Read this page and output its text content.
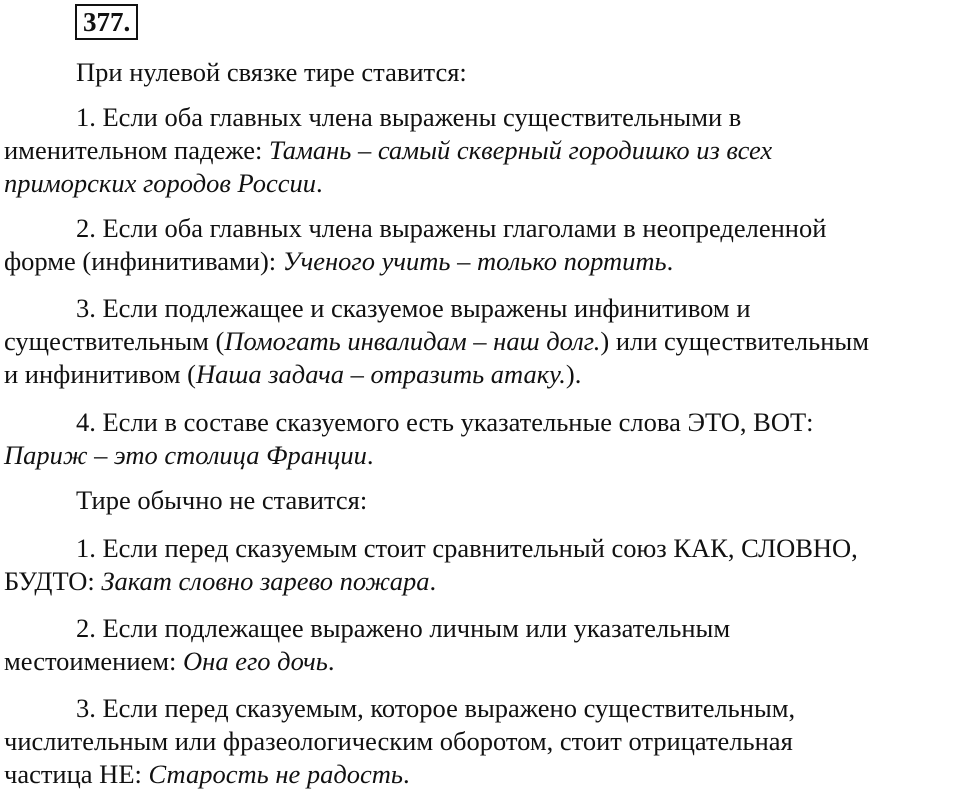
377.

При нулевой связке тире ставится:

1. Если оба главных члена выражены существительными в
именительном падеже: Тамань – самый скверный городишко из всех
приморских городов России.

2. Если оба главных члена выражены глаголами в неопределенной
форме (инфинитивами): Ученого учить – только портить.

3. Если подлежащее и сказуемое выражены инфинитивом и
существительным (Помогать инвалидам – наш долг.) или существительным
и инфинитивом (Наша задача – отразить атаку.).

4. Если в составе сказуемого есть указательные слова ЭТО, ВОТ:
Париж – это столица Франции.

Тире обычно не ставится:

1. Если перед сказуемым стоит сравнительный союз КАК, СЛОВНО,
БУДТО: Закат словно зарево пожара.

2. Если подлежащее выражено личным или указательным
местоимением: Она его дочь.

3. Если перед сказуемым, которое выражено существительным,
числительным или фразеологическим оборотом, стоит отрицательная
частица НЕ: Старость не радость.
